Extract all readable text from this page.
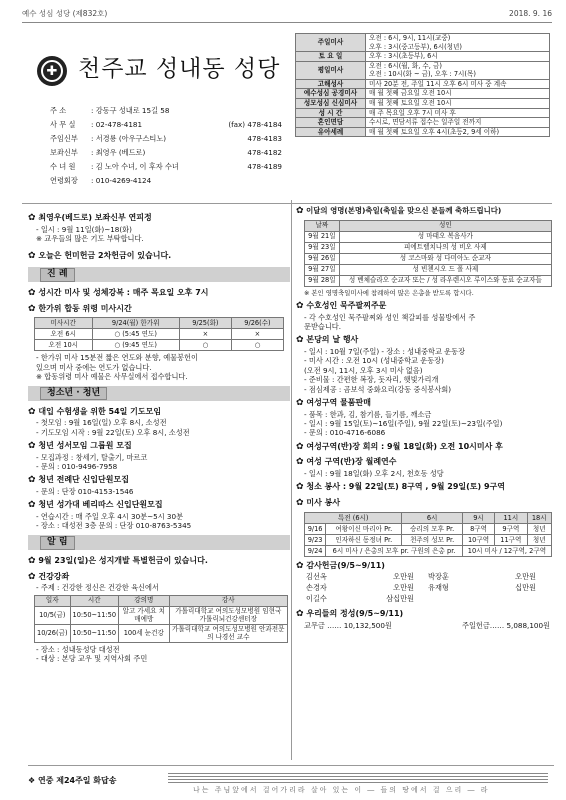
예수 성심 성당 (제832호)	2018. 9. 16
✚ 천주교 성내동 성당
주 소	: 강동구 성내로 15길 58
사 무 실	: 02-478-4181	(fax) 478-4184
주임신부	: 서경룡 (아우구스티노)	478-4183
보좌신부	: 최영우 (베드로)	478-4182
수 녀 원	: 김 노아 수녀, 이 후자 수녀	478-4189
연령회장	: 010-4269-4124
주일미사	오전 : 6시, 9시, 11시(교중)
오후 : 3시(중고등부), 6시(청년)

토 요 일	오후 : 3시(초등부), 6시

평일미사	오전 : 6시(월, 화, 수, 금)
오전 : 10시(화 ~ 금), 오후 : 7시(목)

고해성사	미사 20분 전, 주일 11시 오후 6시 미사 중 계속

예수성심 공경미사	매 월 첫째 금요일 오전 10시

성모성심 신심미사	매 월 첫째 토요일 오전 10시

성 시 간	매 주 목요일 오후 7시 미사 후

혼인면담	수시로, 면담서류 접수는 일주일 전까지

유아세례	매 월 첫째 토요일 오후 4시(초등2, 9세 이하)
✿ 최영우(베드로) 보좌신부 연피정
- 일시 : 9월 11일(화)~18(화)
※ 교우들의 많은 기도 부탁합니다.
✿ 오늘은 헌미헌금 2차헌금이 있습니다.
진 례
✿ 성시간 미사 및 성체강복 : 매주 목요일 오후 7시
✿ 한가위 합동 위령 미사시간
미사시간	9/24(월) 한가위	9/25(화)	9/26(수)
오전 6시	○ (5:45 연도)	×	×
오전 10시	○ (9:45 연도)	○	○
- 한가위 미사 15분전 짧은 연도와 분향, 예물봉헌이
있으며 미사 중에는 연도가 없습니다.
※ 합동위령 미사 예물은 사무실에서 접수합니다.
청소년 · 청년
✿ 대입 수험생을 위한 54일 기도모임
- 첫모임 : 9월 16일(일) 오후 8시, 소성전
- 기도모임 시작 : 9월 22일(토) 오후 8시, 소성전
✿ 청년 성서모임 그룹원 모집
- 모집과정 : 창세기, 탈출기, 마르코
- 문의 : 010-9496-7958
✿ 청년 전례단 신입단원모집
- 문의 : 단장 010-4153-1546
✿ 청년 성가대 베리따스 신입단원모집
- 연습시간 : 매 주일 오후 4시 30분~5시 30분
- 장소 : 대성전 3층 문의 : 단장 010-8763-5345
알 림
✿ 9월 23일(일)은 성지개발 특별헌금이 있습니다.
✿ 건강강좌
- 주제 : 건강한 정신은 건강한 육신에서
일자	시간	강의명	강사
10/5(금)	10:50~11:50	알고 가세요 치매예방	가톨릭대학교 여의도성모병원 임현국 가톨릭뇌건강센터장
10/26(금)	10:50~11:50	100세 눈건강	가톨릭대학교 여의도성모병원 안과전문의 나경선 교수
- 장소 : 성내동성당 대성전
- 대상 : 본당 교우 및 지역사회 주민
✿ 이달의 영명(본명)축일(축일을 맞으신 분들께 축하드립니다)
날짜	성인
9월 21일	성 마태오 복음사가
9월 23일	피에트렐치나의 성 비오 사제
9월 26일	성 코스마와 성 다미아노 순교자
9월 27일	성 빈첸시오 드 폴 사제
9월 28일	성 벤체슬라오 순교자 또는 / 성 라우렌시오 루이스와 동료 순교자들
※ 본인 영명축일미사에 참례하여 많은 은총을 받도록 합시다.
✿ 수호성인 묵주팔찌주문
- 각 수호성인 묵주팔찌와 성인 책갈피를 성물방에서 주
문받습니다.
✿ 본당의 날 행사
- 일시 : 10월 7일(주일) - 장소 : 성내중학교 운동장
- 미사 시간 : 오전 10시 (성내중학교 운동장)
(오전 9시, 11시, 오후 3시 미사 없음)
- 준비물 : 간편한 복장, 돗자리, 햇빛가리개
- 점심제공 : 곰보석 중화요리(강동 중식봉사회)
✿ 여성구역 물품판매
- 품목 : 한과, 김, 참기름, 들기름, 깨소금
- 일시 : 9월 15일(토)~16일(주일), 9월 22일(토)~23일(주일)
- 문의 : 010-4716-6086
✿ 여성구역(반)장 회의 : 9월 18일(화) 오전 10시미사 후
✿ 여성 구역(반)장 월례연수
- 일시 : 9월 18일(화) 오후 2시, 천호동 성당
✿ 청소 봉사 : 9월 22일(토) 8구역 , 9월 29일(토) 9구역
✿ 미사 봉사
특전 (6시)		6시	9시	11시	18시
9/16	여왕이신 마리아 Pr.	승리의 모후 Pr.	8구역	9구역	청년
9/23	인자하신 동정녀 Pr.	천주의 성모 Pr.	10구역	11구역	청년
9/24	6시 미사 / 은총의 모후 pr. 구원의 은총 pr.		10시 미사 / 12구역, 2구역		
✿ 감사헌금(9/5~9/11)
김선옥	오만원	박장훈	오만원
손경자	오만원	유재형	십만원
이길수	삼십만원
✿ 우리들의 정성(9/5~9/11)
교무금 …… 10,132,500원	주일헌금…… 5,088,100원
❖ 연중 제24주일 화답송
나는 주님앞에서 걸어가리라 살아 있는 이 ― 들의 땅에서 걸 으리 ― 라
